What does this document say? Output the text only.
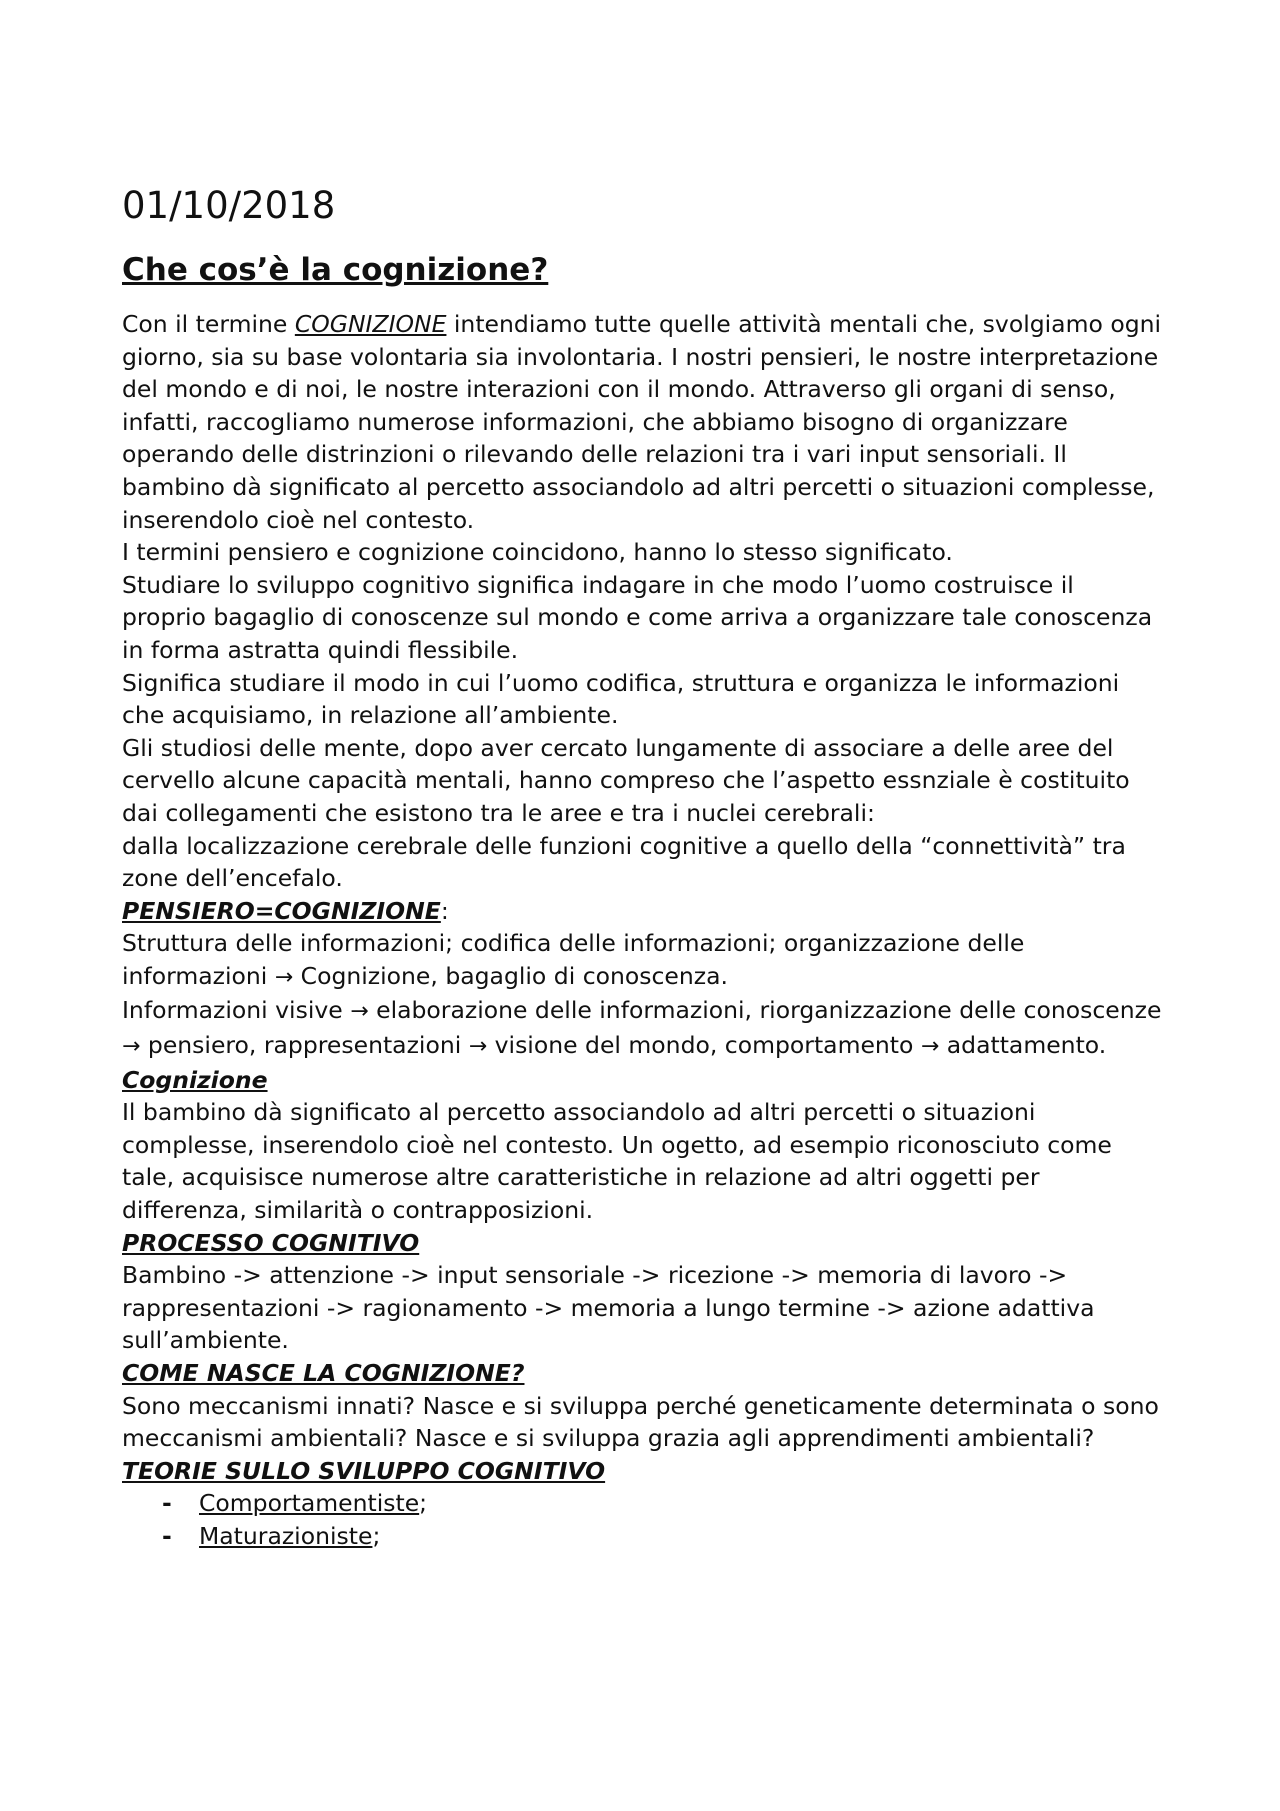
01/10/2018
Che cos’è la cognizione?

Con il termine COGNIZIONE intendiamo tutte quelle attività mentali che, svolgiamo ogni giorno, sia su base volontaria sia involontaria. I nostri pensieri, le nostre interpretazione del mondo e di noi, le nostre interazioni con il mondo. Attraverso gli organi di senso, infatti, raccogliamo numerose informazioni, che abbiamo bisogno di organizzare operando delle distrinzioni o rilevando delle relazioni tra i vari input sensoriali. Il bambino dà significato al percetto associandolo ad altri percetti o situazioni complesse, inserendolo cioè nel contesto.

I termini pensiero e cognizione coincidono, hanno lo stesso significato.

Studiare lo sviluppo cognitivo significa indagare in che modo l’uomo costruisce il proprio bagaglio di conoscenze sul mondo e come arriva a organizzare tale conoscenza in forma astratta quindi flessibile.

Significa studiare il modo in cui l’uomo codifica, struttura e organizza le informazioni che acquisiamo, in relazione all’ambiente.

Gli studiosi delle mente, dopo aver cercato lungamente di associare a delle aree del cervello alcune capacità mentali, hanno compreso che l’aspetto essnziale è costituito dai collegamenti che esistono tra le aree e tra i nuclei cerebrali:

dalla localizzazione cerebrale delle funzioni cognitive a quello della “connettività” tra zone dell’encefalo.

PENSIERO=COGNIZIONE:

Struttura delle informazioni; codifica delle informazioni; organizzazione delle informazioni → Cognizione, bagaglio di conoscenza.

Informazioni visive → elaborazione delle informazioni, riorganizzazione delle conoscenze → pensiero, rappresentazioni → visione del mondo, comportamento → adattamento.

Cognizione

Il bambino dà significato al percetto associandolo ad altri percetti o situazioni complesse, inserendolo cioè nel contesto. Un ogetto, ad esempio riconosciuto come tale, acquisisce numerose altre caratteristiche in relazione ad altri oggetti per differenza, similarità o contrapposizioni.

PROCESSO COGNITIVO

Bambino -> attenzione -> input sensoriale -> ricezione -> memoria di lavoro -> rappresentazioni -> ragionamento -> memoria a lungo termine -> azione adattiva sull’ambiente.

COME NASCE LA COGNIZIONE?

Sono meccanismi innati? Nasce e si sviluppa perché geneticamente determinata o sono meccanismi ambientali? Nasce e si sviluppa grazia agli apprendimenti ambientali?

TEORIE SULLO SVILUPPO COGNITIVO

- Comportamentiste;
- Maturazioniste;
